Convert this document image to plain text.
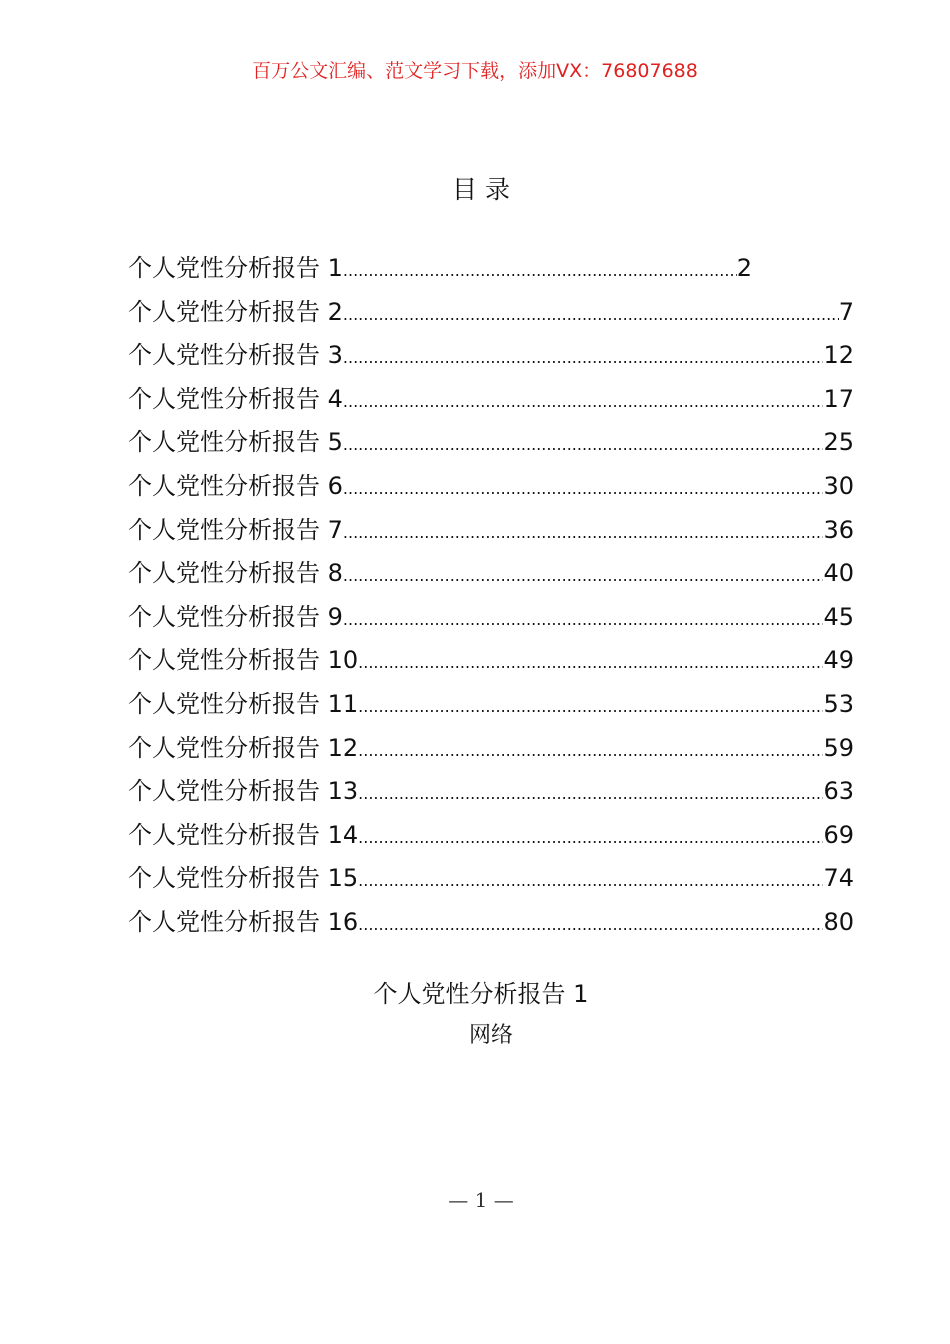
百万公文汇编、范文学习下载，添加VX：76807688
目 录
个人党性分析报告 1 .....	2
个人党性分析报告 2 .....	7
个人党性分析报告 3 .....	12
个人党性分析报告 4 .....	17
个人党性分析报告 5 .....	25
个人党性分析报告 6 .....	30
个人党性分析报告 7 .....	36
个人党性分析报告 8 .....	40
个人党性分析报告 9 .....	45
个人党性分析报告 10 .....	49
个人党性分析报告 11 .....	53
个人党性分析报告 12 .....	59
个人党性分析报告 13 .....	63
个人党性分析报告 14 .....	69
个人党性分析报告 15 .....	74
个人党性分析报告 16 .....	80
个人党性分析报告 1
网络
— 1 —
